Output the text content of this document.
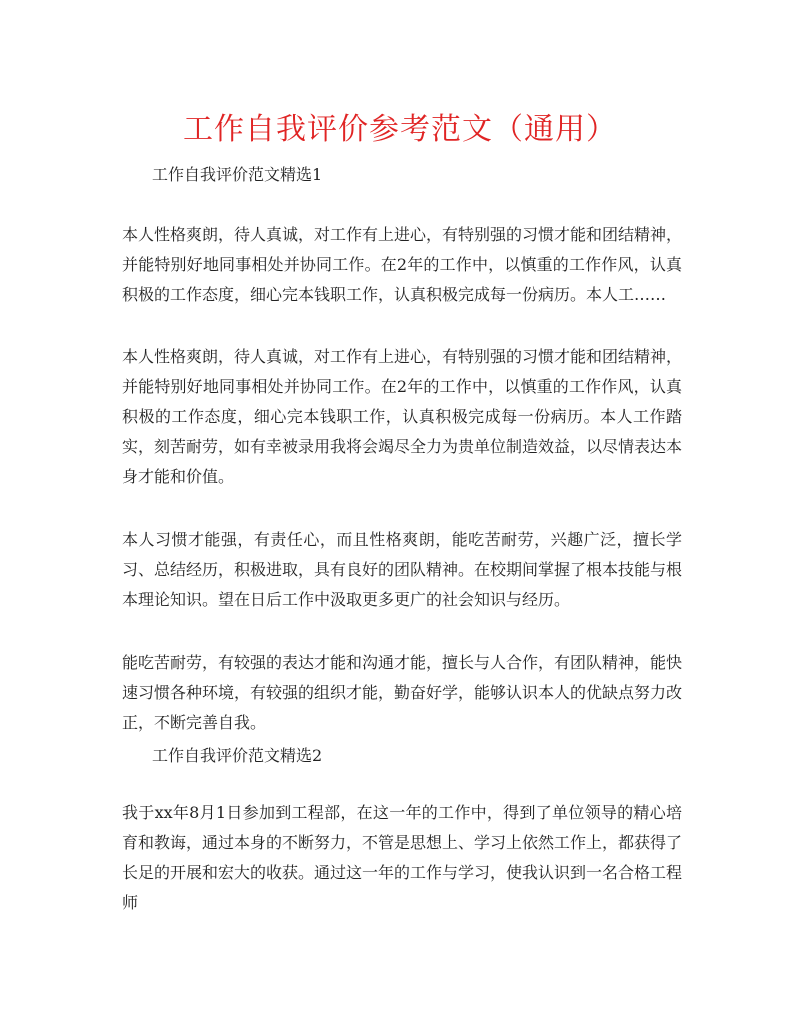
工作自我评价参考范文（通用）

工作自我评价范文精选1

本人性格爽朗，待人真诚，对工作有上进心，有特别强的习惯才能和团结精神，并能特别好地同事相处并协同工作。在2年的工作中，以慎重的工作作风，认真积极的工作态度，细心完本钱职工作，认真积极完成每一份病历。本人工……

本人性格爽朗，待人真诚，对工作有上进心，有特别强的习惯才能和团结精神，并能特别好地同事相处并协同工作。在2年的工作中，以慎重的工作作风，认真积极的工作态度，细心完本钱职工作，认真积极完成每一份病历。本人工作踏实，刻苦耐劳，如有幸被录用我将会竭尽全力为贵单位制造效益，以尽情表达本身才能和价值。

本人习惯才能强，有责任心，而且性格爽朗，能吃苦耐劳，兴趣广泛，擅长学习、总结经历，积极进取，具有良好的团队精神。在校期间掌握了根本技能与根本理论知识。望在日后工作中汲取更多更广的社会知识与经历。

能吃苦耐劳，有较强的表达才能和沟通才能，擅长与人合作，有团队精神，能快速习惯各种环境，有较强的组织才能，勤奋好学，能够认识本人的优缺点努力改正，不断完善自我。

工作自我评价范文精选2

我于xx年8月1日参加到工程部，在这一年的工作中，得到了单位领导的精心培育和教诲，通过本身的不断努力，不管是思想上、学习上依然工作上，都获得了长足的开展和宏大的收获。通过这一年的工作与学习，使我认识到一名合格工程师
